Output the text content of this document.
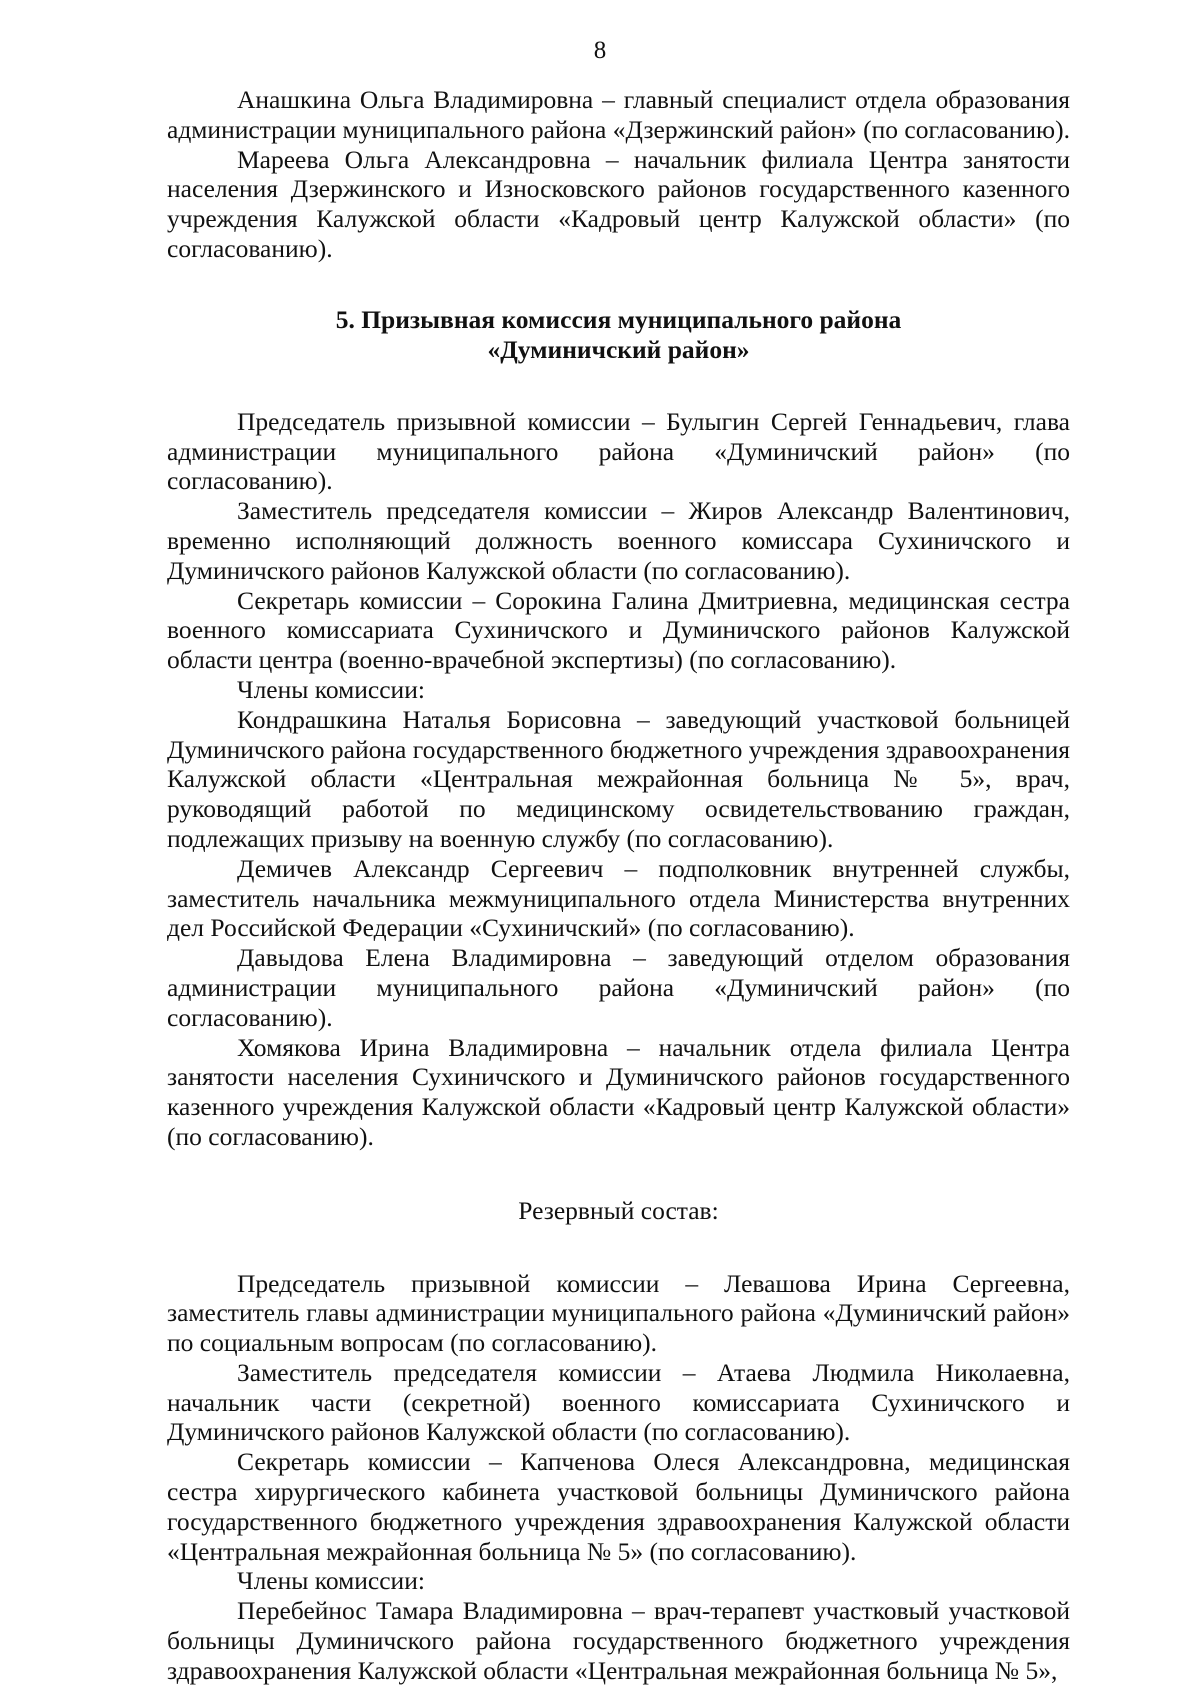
8

Анашкина Ольга Владимировна – главный специалист отдела образования администрации муниципального района «Дзержинский район» (по согласованию).

Мареева Ольга Александровна – начальник филиала Центра занятости населения Дзержинского и Износковского районов государственного казенного учреждения Калужской области «Кадровый центр Калужской области» (по согласованию).

5. Призывная комиссия муниципального района

«Думиничский район»

Председатель призывной комиссии – Булыгин Сергей Геннадьевич, глава администрации муниципального района «Думиничский район» (по согласованию).

Заместитель председателя комиссии – Жиров Александр Валентинович, временно исполняющий должность военного комиссара Сухиничского и Думиничского районов Калужской области (по согласованию).

Секретарь комиссии – Сорокина Галина Дмитриевна, медицинская сестра военного комиссариата Сухиничского и Думиничского районов Калужской области центра (военно-врачебной экспертизы) (по согласованию).

Члены комиссии:

Кондрашкина Наталья Борисовна – заведующий участковой больницей Думиничского района государственного бюджетного учреждения здравоохранения Калужской области «Центральная межрайонная больница № 5», врач, руководящий работой по медицинскому освидетельствованию граждан, подлежащих призыву на военную службу (по согласованию).

Демичев Александр Сергеевич – подполковник внутренней службы, заместитель начальника межмуниципального отдела Министерства внутренних дел Российской Федерации «Сухиничский» (по согласованию).

Давыдова Елена Владимировна – заведующий отделом образования администрации муниципального района «Думиничский район» (по согласованию).

Хомякова Ирина Владимировна – начальник отдела филиала Центра занятости населения Сухиничского и Думиничского районов государственного казенного учреждения Калужской области «Кадровый центр Калужской области» (по согласованию).

Резервный состав:

Председатель призывной комиссии – Левашова Ирина Сергеевна, заместитель главы администрации муниципального района «Думиничский район» по социальным вопросам (по согласованию).

Заместитель председателя комиссии – Атаева Людмила Николаевна, начальник части (секретной) военного комиссариата Сухиничского и Думиничского районов Калужской области (по согласованию).

Секретарь комиссии – Капченова Олеся Александровна, медицинская сестра хирургического кабинета участковой больницы Думиничского района государственного бюджетного учреждения здравоохранения Калужской области «Центральная межрайонная больница № 5» (по согласованию).

Члены комиссии:

Перебейнос Тамара Владимировна – врач-терапевт участковый участковой больницы Думиничского района государственного бюджетного учреждения здравоохранения Калужской области «Центральная межрайонная больница № 5»,
